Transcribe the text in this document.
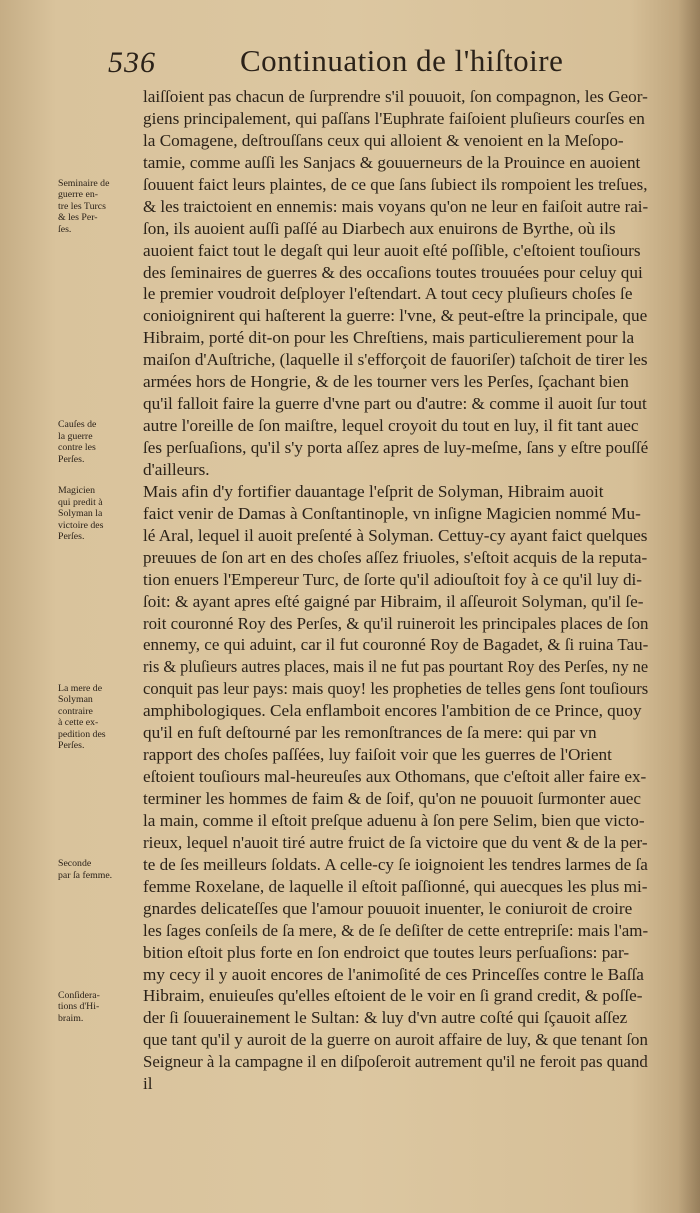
536	Continuation de l'hiſtoire
Seminaire de
guerre en-
tre les Turcs
& les Per-
ſes.
Cauſes de
la guerre
contre les
Perſes.
Magicien
qui predit à
Solyman la
victoire des
Perſes.
La mere de
Solyman
contraire
à cette ex-
pedition des
Perſes.
Seconde
par ſa femme.
Conſidera-
tions d'Hi-
braim.
laiſſoient pas chacun de ſurprendre s'il pouuoit, ſon compagnon, les Geor-
giens principalement, qui paſſans l'Euphrate faiſoient pluſieurs courſes en
la Comagene, deſtrouſſans ceux qui alloient & venoient en la Meſopo-
tamie, comme auſſi les Sanjacs & gouuerneurs de la Prouince en auoient
ſouuent faict leurs plaintes, de ce que ſans ſubiect ils rompoient les treſues,
& les traictoient en ennemis: mais voyans qu'on ne leur en faiſoit autre rai-
ſon, ils auoient auſſi paſſé au Diarbech aux enuirons de Byrthe, où ils
auoient faict tout le degaſt qui leur auoit eſté poſſible, c'eſtoient touſiours
des ſeminaires de guerres & des occaſions toutes trouuées pour celuy qui
le premier voudroit deſployer l'eſtendart. A tout cecy pluſieurs choſes ſe
conioignirent qui haſterent la guerre: l'vne, & peut-eſtre la principale, que
Hibraim, porté dit-on pour les Chreſtiens, mais particulierement pour la
maiſon d'Auſtriche, (laquelle il s'efforçoit de fauoriſer) taſchoit de tirer les
armées hors de Hongrie, & de les tourner vers les Perſes, ſçachant bien
qu'il falloit faire la guerre d'vne part ou d'autre: & comme il auoit ſur tout
autre l'oreille de ſon maiſtre, lequel croyoit du tout en luy, il fit tant auec
ſes perſuaſions, qu'il s'y porta aſſez apres de luy-meſme, ſans y eſtre pouſſé
d'ailleurs.
Mais afin d'y fortifier dauantage l'eſprit de Solyman, Hibraim auoit
faict venir de Damas à Conſtantinople, vn inſigne Magicien nommé Mu-
lé Aral, lequel il auoit preſenté à Solyman. Cettuy-cy ayant faict quelques
preuues de ſon art en des choſes aſſez friuoles, s'eſtoit acquis de la reputa-
tion enuers l'Empereur Turc, de ſorte qu'il adiouſtoit foy à ce qu'il luy di-
ſoit: & ayant apres eſté gaigné par Hibraim, il aſſeuroit Solyman, qu'il ſe-
roit couronné Roy des Perſes, & qu'il ruineroit les principales places de ſon
ennemy, ce qui aduint, car il fut couronné Roy de Bagadet, & ſi ruina Tau-
ris & pluſieurs autres places, mais il ne fut pas pourtant Roy des Perſes, ny ne
conquit pas leur pays: mais quoy! les propheties de telles gens ſont touſiours
amphibologiques. Cela enflamboit encores l'ambition de ce Prince, quoy
qu'il en fuſt deſtourné par les remonſtrances de ſa mere: qui par vn
rapport des choſes paſſées, luy faiſoit voir que les guerres de l'Orient
eſtoient touſiours mal-heureuſes aux Othomans, que c'eſtoit aller faire ex-
terminer les hommes de faim & de ſoif, qu'on ne pouuoit ſurmonter auec
la main, comme il eſtoit preſque aduenu à ſon pere Selim, bien que victo-
rieux, lequel n'auoit tiré autre fruict de ſa victoire que du vent & de la per-
te de ſes meilleurs ſoldats. A celle-cy ſe ioignoient les tendres larmes de ſa
femme Roxelane, de laquelle il eſtoit paſſionné, qui auecques les plus mi-
gnardes delicateſſes que l'amour pouuoit inuenter, le coniuroit de croire
les ſages conſeils de ſa mere, & de ſe deſiſter de cette entrepriſe: mais l'am-
bition eſtoit plus forte en ſon endroict que toutes leurs perſuaſions: par-
my cecy il y auoit encores de l'animoſité de ces Princeſſes contre le Baſſa
Hibraim, enuieuſes qu'elles eſtoient de le voir en ſi grand credit, & poſſe-
der ſi ſouuerainement le Sultan: & luy d'vn autre coſté qui ſçauoit aſſez
que tant qu'il y auroit de la guerre on auroit affaire de luy, & que tenant ſon
Seigneur à la campagne il en diſpoſeroit autrement qu'il ne feroit pas quand
il
